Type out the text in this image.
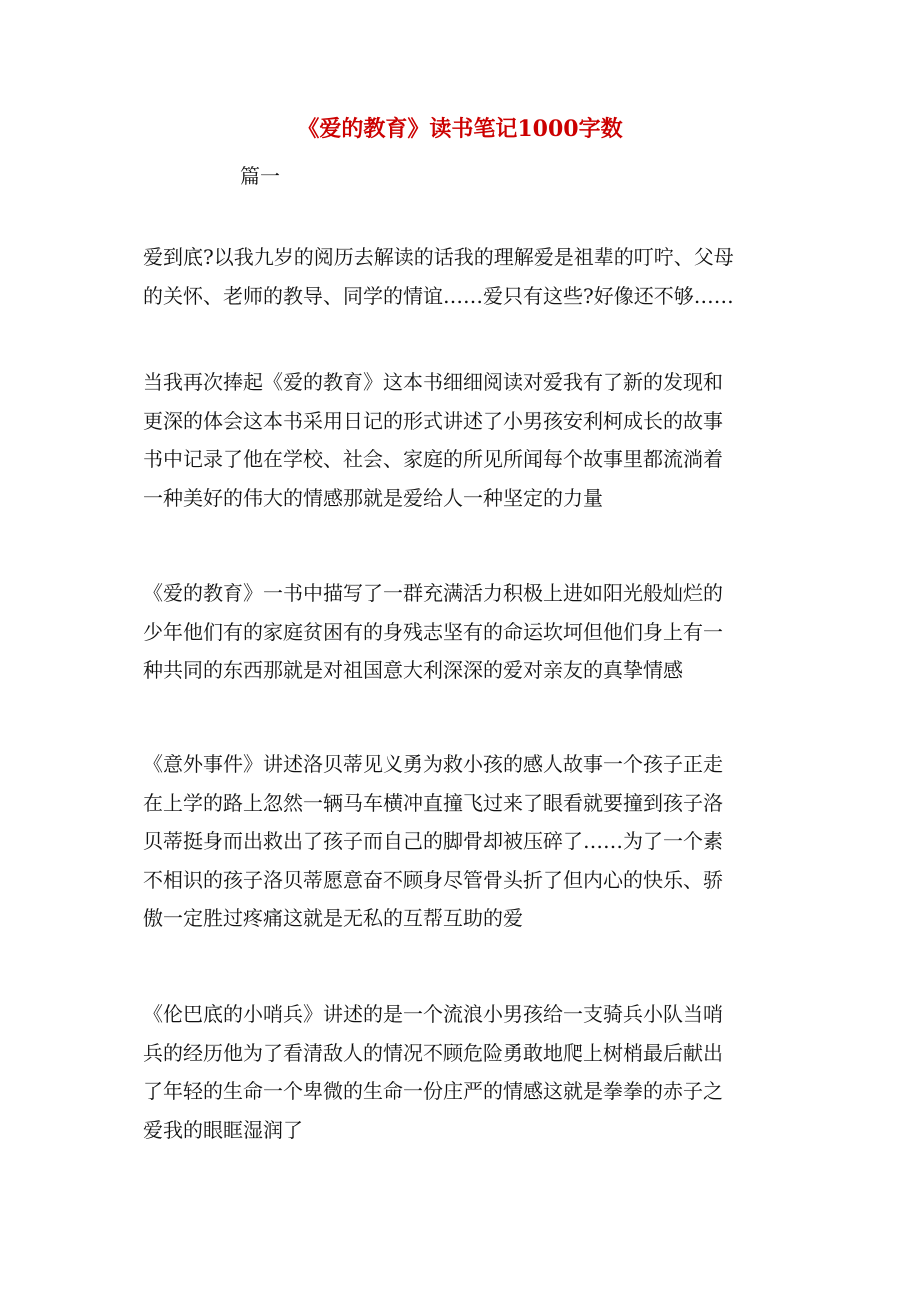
《爱的教育》读书笔记1000字数
篇一
爱到底?以我九岁的阅历去解读的话我的理解爱是祖辈的叮咛、父母
的关怀、老师的教导、同学的情谊……爱只有这些?好像还不够……
当我再次捧起《爱的教育》这本书细细阅读对爱我有了新的发现和
更深的体会这本书采用日记的形式讲述了小男孩安利柯成长的故事
书中记录了他在学校、社会、家庭的所见所闻每个故事里都流淌着
一种美好的伟大的情感那就是爱给人一种坚定的力量
《爱的教育》一书中描写了一群充满活力积极上进如阳光般灿烂的
少年他们有的家庭贫困有的身残志坚有的命运坎坷但他们身上有一
种共同的东西那就是对祖国意大利深深的爱对亲友的真挚情感
《意外事件》讲述洛贝蒂见义勇为救小孩的感人故事一个孩子正走
在上学的路上忽然一辆马车横冲直撞飞过来了眼看就要撞到孩子洛
贝蒂挺身而出救出了孩子而自己的脚骨却被压碎了……为了一个素
不相识的孩子洛贝蒂愿意奋不顾身尽管骨头折了但内心的快乐、骄
傲一定胜过疼痛这就是无私的互帮互助的爱
《伦巴底的小哨兵》讲述的是一个流浪小男孩给一支骑兵小队当哨
兵的经历他为了看清敌人的情况不顾危险勇敢地爬上树梢最后献出
了年轻的生命一个卑微的生命一份庄严的情感这就是拳拳的赤子之
爱我的眼眶湿润了
